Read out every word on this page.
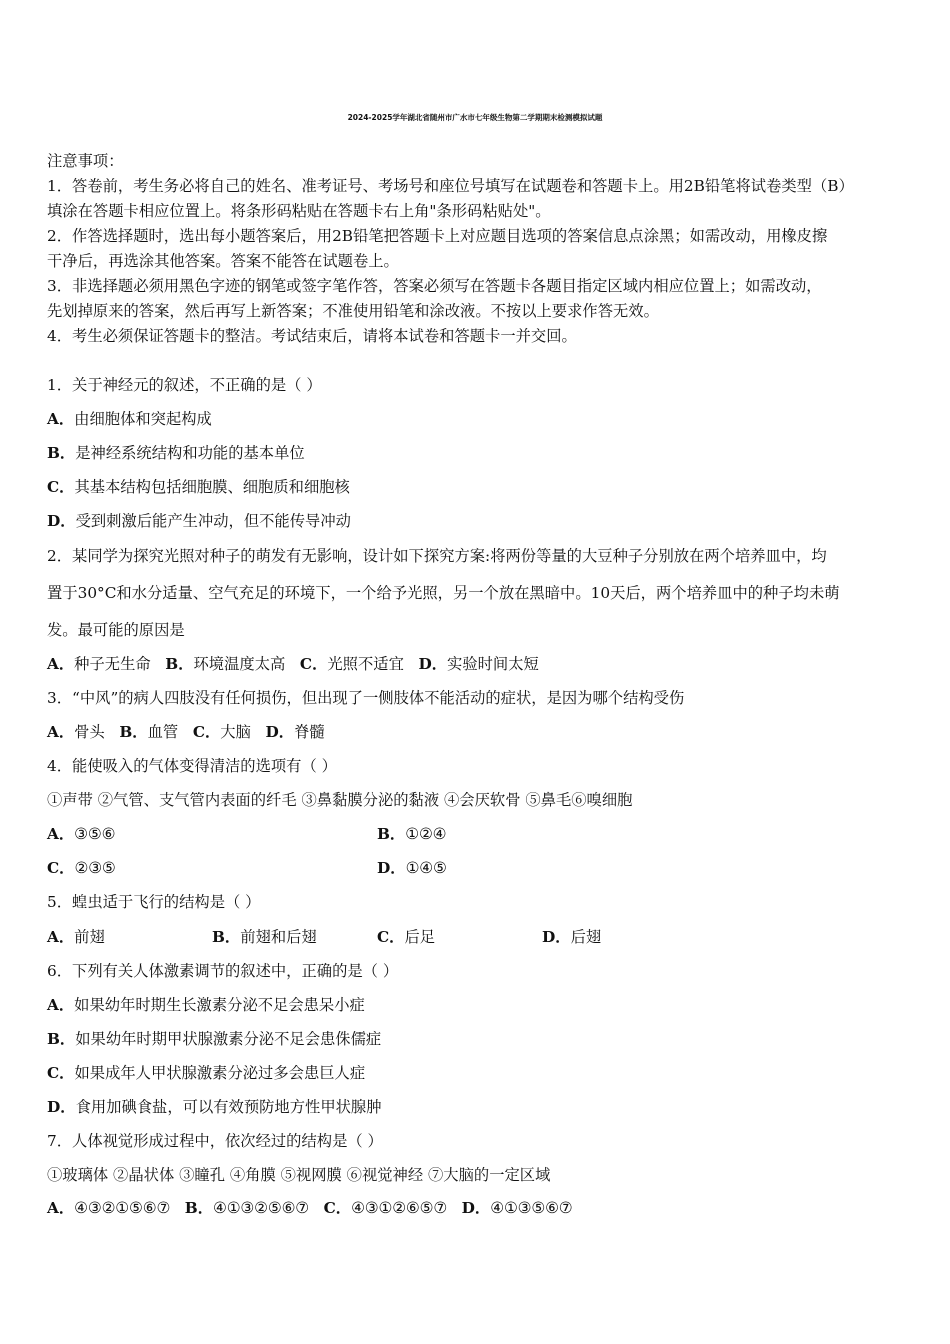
2024-2025学年湖北省随州市广水市七年级生物第二学期期末检测模拟试题
注意事项：
1．答卷前，考生务必将自己的姓名、准考证号、考场号和座位号填写在试题卷和答题卡上。用2B铅笔将试卷类型（B）
填涂在答题卡相应位置上。将条形码粘贴在答题卡右上角"条形码粘贴处"。
2．作答选择题时，选出每小题答案后，用2B铅笔把答题卡上对应题目选项的答案信息点涂黑；如需改动，用橡皮擦
干净后，再选涂其他答案。答案不能答在试题卷上。
3．非选择题必须用黑色字迹的钢笔或签字笔作答，答案必须写在答题卡各题目指定区域内相应位置上；如需改动，
先划掉原来的答案，然后再写上新答案；不准使用铅笔和涂改液。不按以上要求作答无效。
4．考生必须保证答题卡的整洁。考试结束后，请将本试卷和答题卡一并交回。
1．关于神经元的叙述，不正确的是（ ）
A．由细胞体和突起构成
B．是神经系统结构和功能的基本单位
C．其基本结构包括细胞膜、细胞质和细胞核
D．受到刺激后能产生冲动，但不能传导冲动
2．某同学为探究光照对种子的萌发有无影响，设计如下探究方案:将两份等量的大豆种子分别放在两个培养皿中，均
置于30°C和水分适量、空气充足的环境下，一个给予光照，另一个放在黑暗中。10天后，两个培养皿中的种子均未萌
发。最可能的原因是
A．种子无生命 B．环境温度太高 C．光照不适宜 D．实验时间太短
3．“中风”的病人四肢没有任何损伤，但出现了一侧肢体不能活动的症状，是因为哪个结构受伤
A．骨头 B．血管 C．大脑 D．脊髓
4．能使吸入的气体变得清洁的选项有（ ）
①声带 ②气管、支气管内表面的纤毛 ③鼻黏膜分泌的黏液 ④会厌软骨 ⑤鼻毛⑥嗅细胞
A．③⑤⑥	B．①②④
C．②③⑤	D．①④⑤
5．蝗虫适于飞行的结构是（ ）
A．前翅	B．前翅和后翅	C．后足	D．后翅
6．下列有关人体激素调节的叙述中，正确的是（ ）
A．如果幼年时期生长激素分泌不足会患呆小症
B．如果幼年时期甲状腺激素分泌不足会患侏儒症
C．如果成年人甲状腺激素分泌过多会患巨人症
D．食用加碘食盐，可以有效预防地方性甲状腺肿
7．人体视觉形成过程中，依次经过的结构是（ ）
①玻璃体 ②晶状体 ③瞳孔 ④角膜 ⑤视网膜 ⑥视觉神经 ⑦大脑的一定区域
A．④③②①⑤⑥⑦ B．④①③②⑤⑥⑦ C．④③①②⑥⑤⑦ D．④①③⑤⑥⑦
